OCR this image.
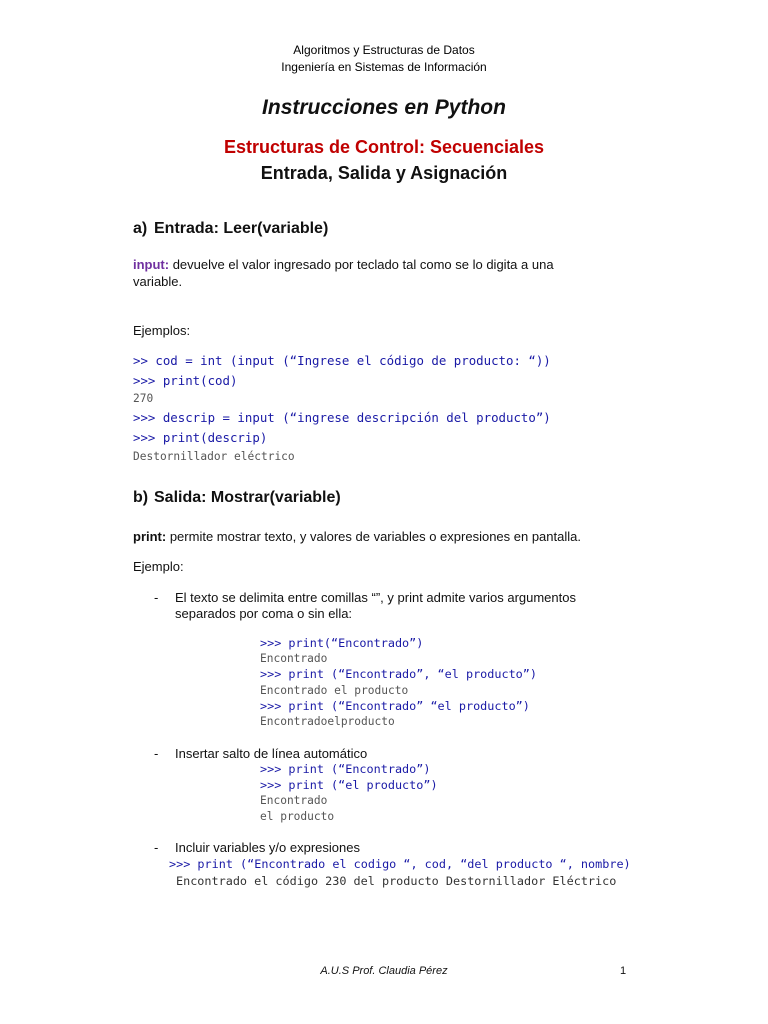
Algoritmos y Estructuras de Datos
Ingeniería en Sistemas de Información
Instrucciones en Python
Estructuras de Control: Secuenciales
Entrada, Salida y Asignación
a) Entrada: Leer(variable)
input: devuelve el valor ingresado por teclado tal como se lo digita a una variable.
Ejemplos:
>> cod = int (input (“Ingrese el código de producto: “))
>>> print(cod)
270
>>> descrip = input (“ingrese descripción del producto”)
>>> print(descrip)
Destornillador eléctrico
b) Salida: Mostrar(variable)
print: permite mostrar texto, y valores de variables o expresiones en pantalla.
Ejemplo:
- El texto se delimita entre comillas “”, y print admite varios argumentos separados por coma o sin ella:
>>> print(“Encontrado”)
Encontrado
>>> print (“Encontrado”, “el producto”)
Encontrado el producto
>>> print (“Encontrado” “el producto”)
Encontradoelproducto
- Insertar salto de línea automático
>>> print (“Encontrado”)
>>> print (“el producto”)
Encontrado
el producto
- Incluir variables y/o expresiones
>>> print (“Encontrado el codigo “, cod, “del producto “, nombre)
Encontrado el código 230 del producto Destornillador Eléctrico
A.U.S Prof. Claudia Pérez	1
